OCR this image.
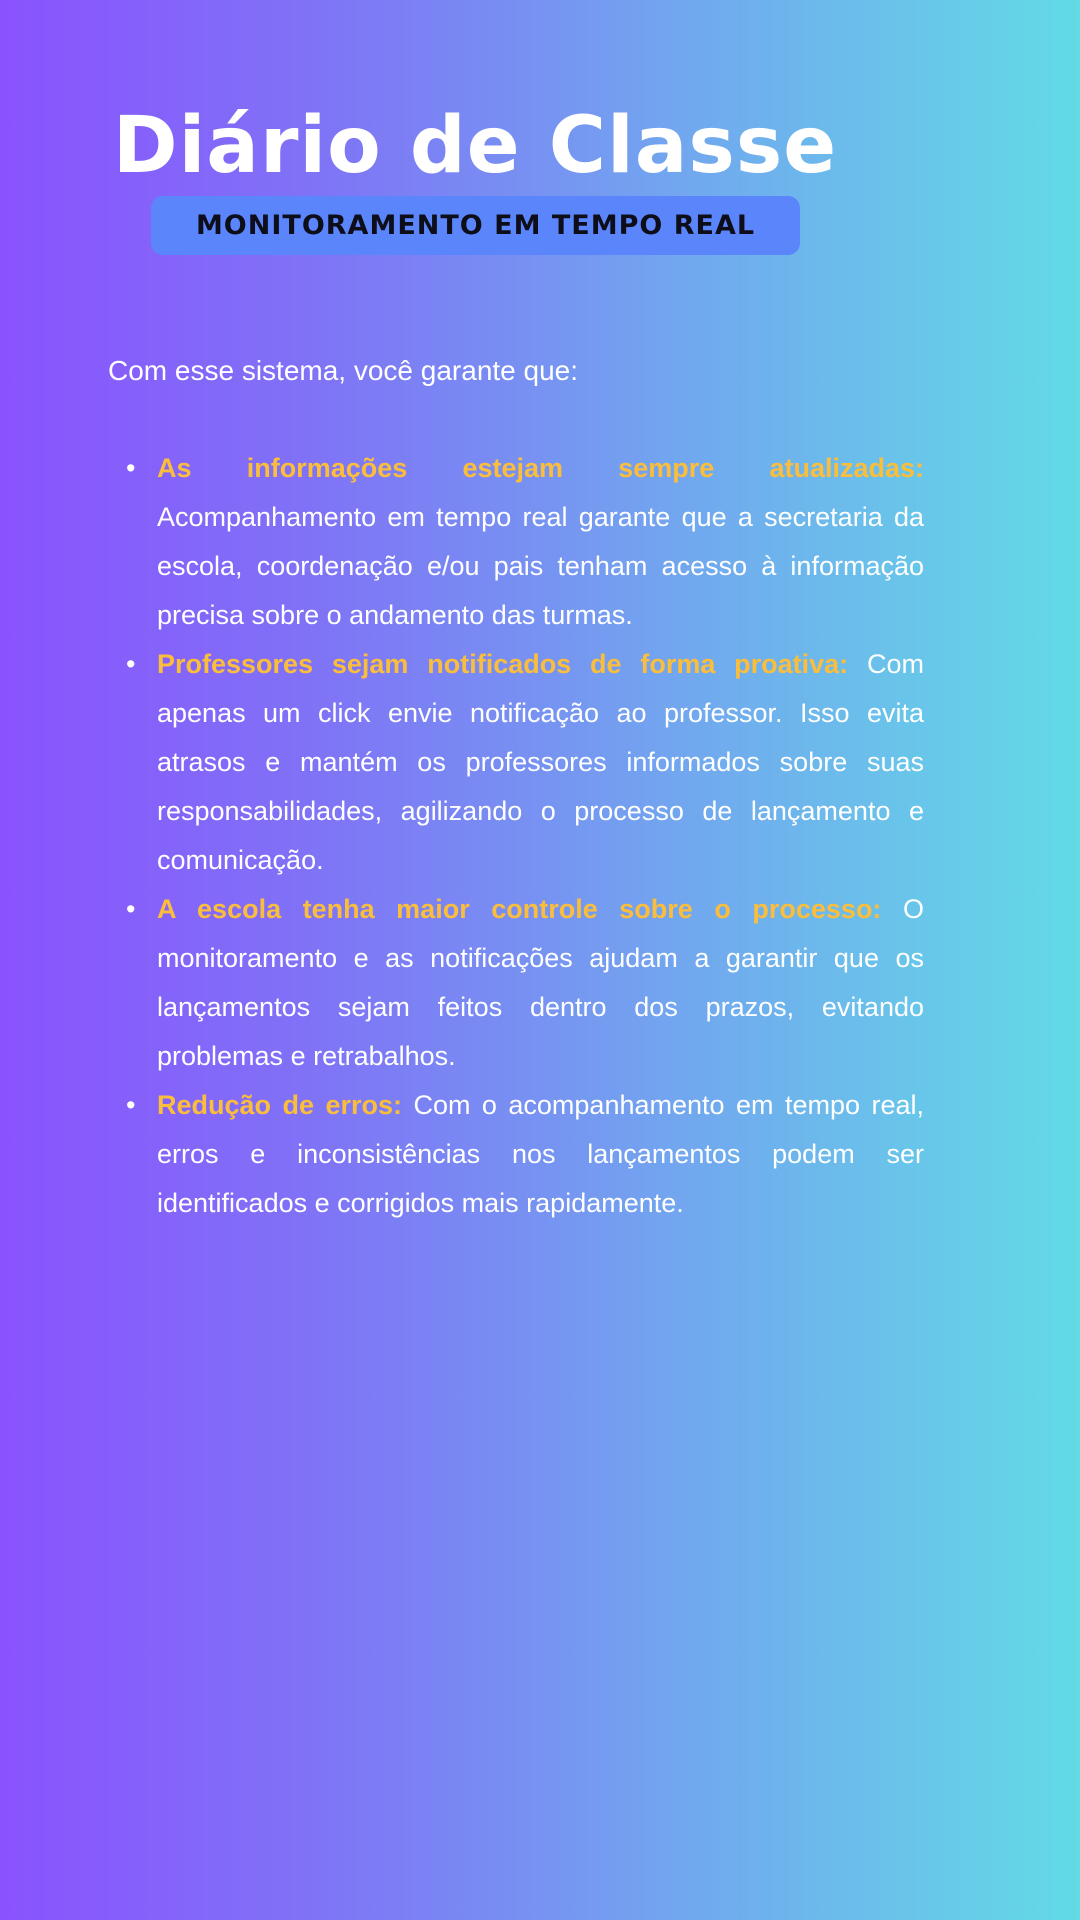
Diário de Classe
MONITORAMENTO EM TEMPO REAL

Com esse sistema, você garante que:

• As informações estejam sempre atualizadas: Acompanhamento em tempo real garante que a secretaria da escola, coordenação e/ou pais tenham acesso à informação precisa sobre o andamento das turmas.
• Professores sejam notificados de forma proativa: Com apenas um click envie notificação ao professor. Isso evita atrasos e mantém os professores informados sobre suas responsabilidades, agilizando o processo de lançamento e comunicação.
• A escola tenha maior controle sobre o processo: O monitoramento e as notificações ajudam a garantir que os lançamentos sejam feitos dentro dos prazos, evitando problemas e retrabalhos.
• Redução de erros: Com o acompanhamento em tempo real, erros e inconsistências nos lançamentos podem ser identificados e corrigidos mais rapidamente.
